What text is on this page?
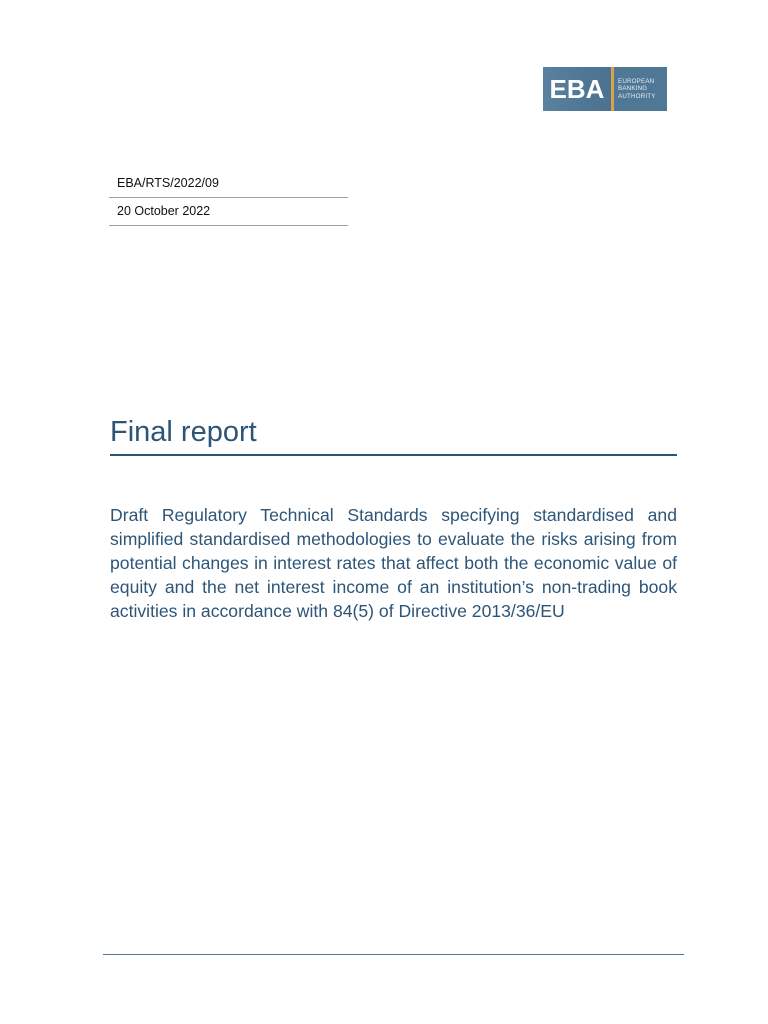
EBA	EUROPEAN
BANKING
AUTHORITY
EBA/RTS/2022/09
20 October 2022
Final report
Draft Regulatory Technical Standards specifying standardised and simplified standardised methodologies to evaluate the risks arising from potential changes in interest rates that affect both the economic value of equity and the net interest income of an institution’s non-trading book activities in accordance with 84(5) of Directive 2013/36/EU
